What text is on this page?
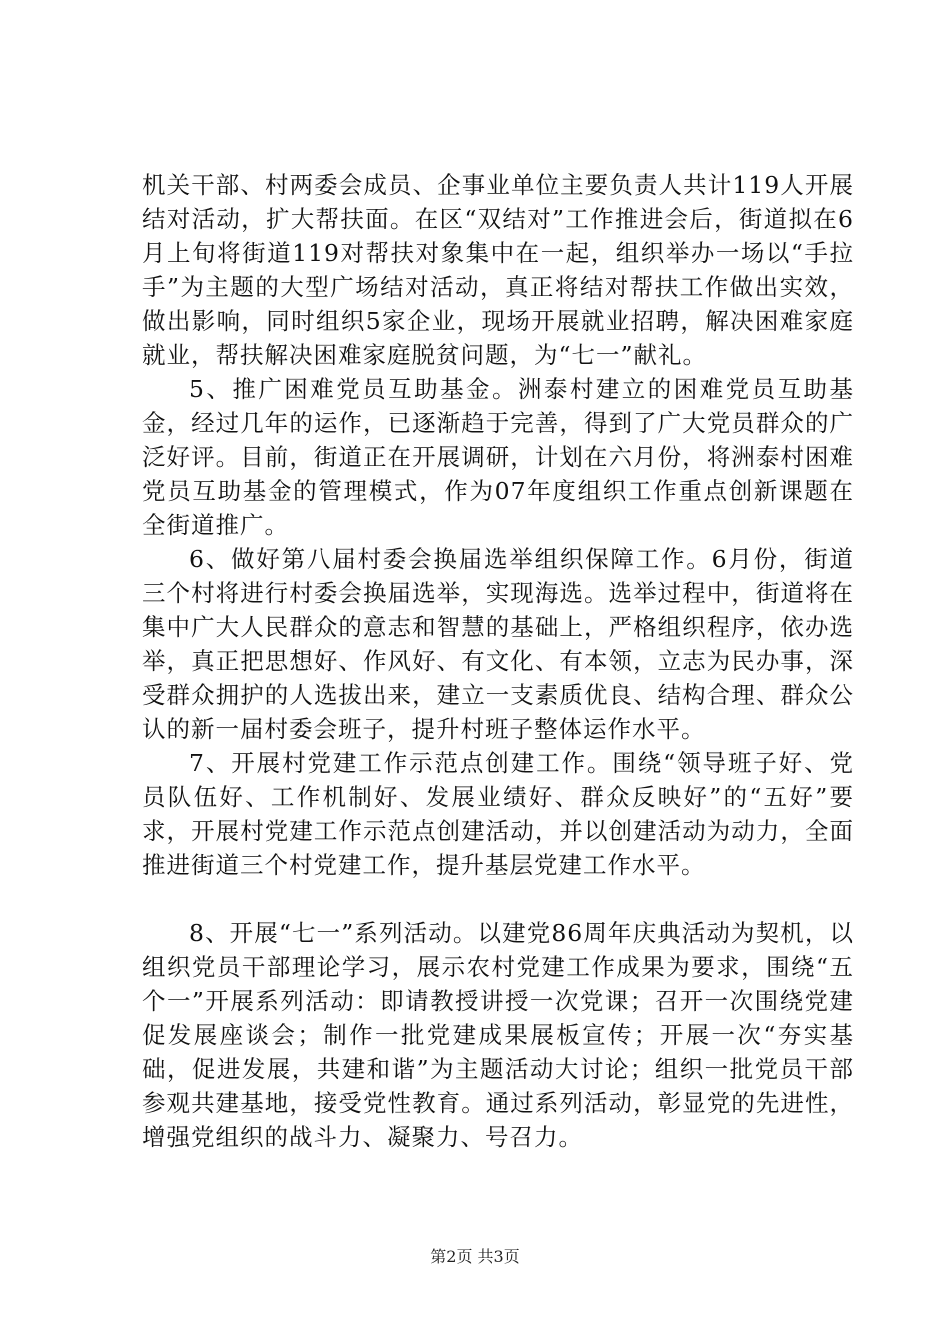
机关干部、村两委会成员、企事业单位主要负责人共计119人开展结对活动，扩大帮扶面。在区“双结对”工作推进会后，街道拟在6月上旬将街道119对帮扶对象集中在一起，组织举办一场以“手拉手”为主题的大型广场结对活动，真正将结对帮扶工作做出实效，做出影响，同时组织5家企业，现场开展就业招聘，解决困难家庭就业，帮扶解决困难家庭脱贫问题，为“七一”献礼。

5、推广困难党员互助基金。洲泰村建立的困难党员互助基金，经过几年的运作，已逐渐趋于完善，得到了广大党员群众的广泛好评。目前，街道正在开展调研，计划在六月份，将洲泰村困难党员互助基金的管理模式，作为07年度组织工作重点创新课题在全街道推广。

6、做好第八届村委会换届选举组织保障工作。6月份，街道三个村将进行村委会换届选举，实现海选。选举过程中，街道将在集中广大人民群众的意志和智慧的基础上，严格组织程序，依办选举，真正把思想好、作风好、有文化、有本领，立志为民办事，深受群众拥护的人选拔出来，建立一支素质优良、结构合理、群众公认的新一届村委会班子，提升村班子整体运作水平。

7、开展村党建工作示范点创建工作。围绕“领导班子好、党员队伍好、工作机制好、发展业绩好、群众反映好”的“五好”要求，开展村党建工作示范点创建活动，并以创建活动为动力，全面推进街道三个村党建工作，提升基层党建工作水平。

8、开展“七一”系列活动。以建党86周年庆典活动为契机，以组织党员干部理论学习，展示农村党建工作成果为要求，围绕“五个一”开展系列活动：即请教授讲授一次党课；召开一次围绕党建促发展座谈会；制作一批党建成果展板宣传；开展一次“夯实基础，促进发展，共建和谐”为主题活动大讨论；组织一批党员干部参观共建基地，接受党性教育。通过系列活动，彰显党的先进性，增强党组织的战斗力、凝聚力、号召力。

第2页 共3页
